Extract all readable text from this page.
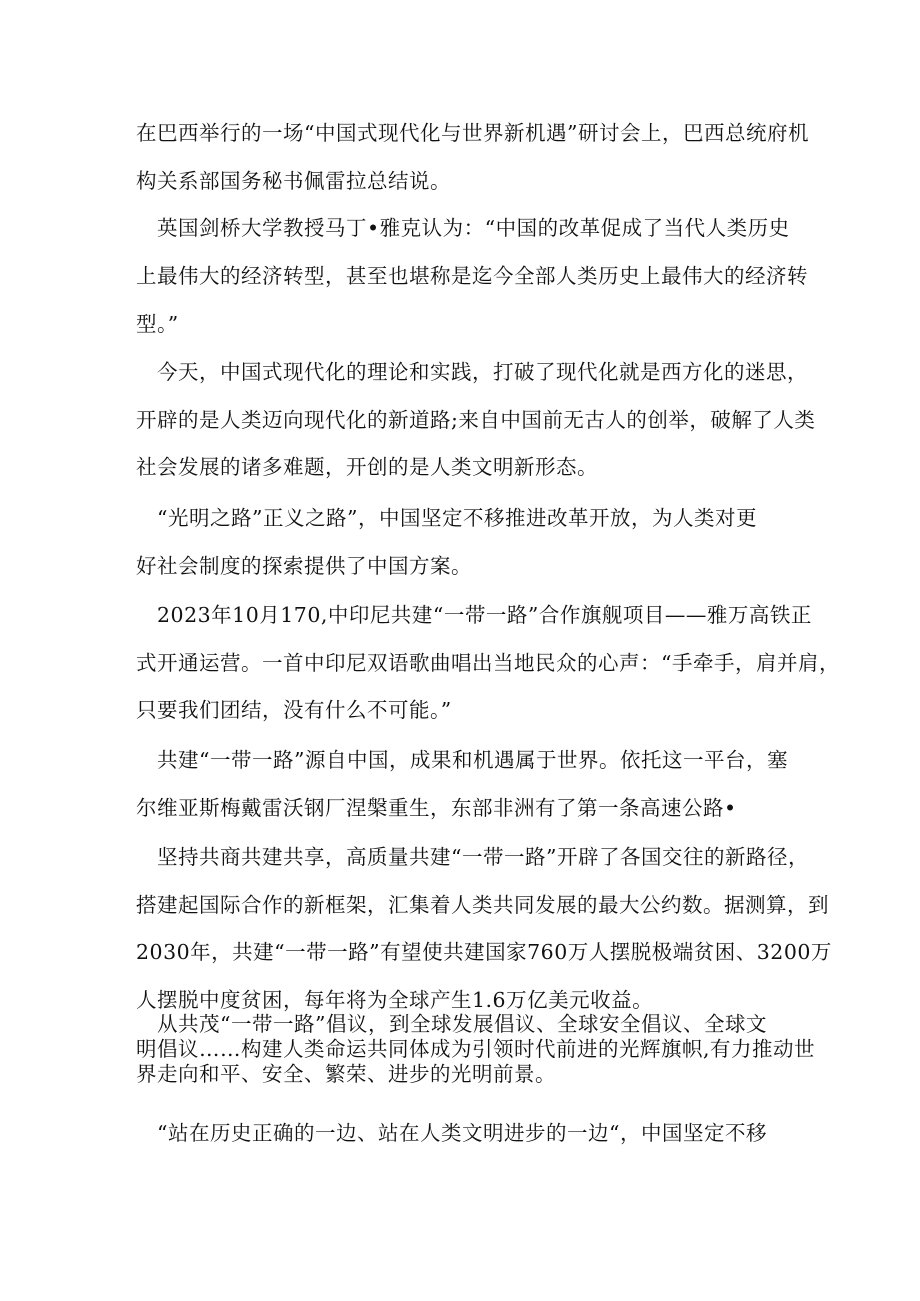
在巴西举行的一场“中国式现代化与世界新机遇”研讨会上，巴西总统府机
构关系部国务秘书佩雷拉总结说。
　英国剑桥大学教授马丁•雅克认为：“中国的改革促成了当代人类历史
上最伟大的经济转型，甚至也堪称是迄今全部人类历史上最伟大的经济转
型。”
　今天，中国式现代化的理论和实践，打破了现代化就是西方化的迷思，
开辟的是人类迈向现代化的新道路;来自中国前无古人的创举，破解了人类
社会发展的诸多难题，开创的是人类文明新形态。
　“光明之路”正义之路”，中国坚定不移推进改革开放，为人类对更
好社会制度的探索提供了中国方案。
　2023年10月170,中印尼共建“一带一路”合作旗舰项目——雅万高铁正
式开通运营。一首中印尼双语歌曲唱出当地民众的心声：“手牵手，肩并肩，
只要我们团结，没有什么不可能。”
　共建“一带一路”源自中国，成果和机遇属于世界。依托这一平台，塞
尔维亚斯梅戴雷沃钢厂涅槃重生，东部非洲有了第一条高速公路•
　坚持共商共建共享，高质量共建“一带一路”开辟了各国交往的新路径，
搭建起国际合作的新框架，汇集着人类共同发展的最大公约数。据测算，到
2030年，共建“一带一路”有望使共建国家760万人摆脱极端贫困、3200万
人摆脱中度贫困，每年将为全球产生1.6万亿美元收益。
　从共茂“一带一路”倡议，到全球发展倡议、全球安全倡议、全球文
明倡议……构建人类命运共同体成为引领时代前进的光辉旗帜,有力推动世
界走向和平、安全、繁荣、进步的光明前景。
　“站在历史正确的一边、站在人类文明进步的一边“，中国坚定不移
